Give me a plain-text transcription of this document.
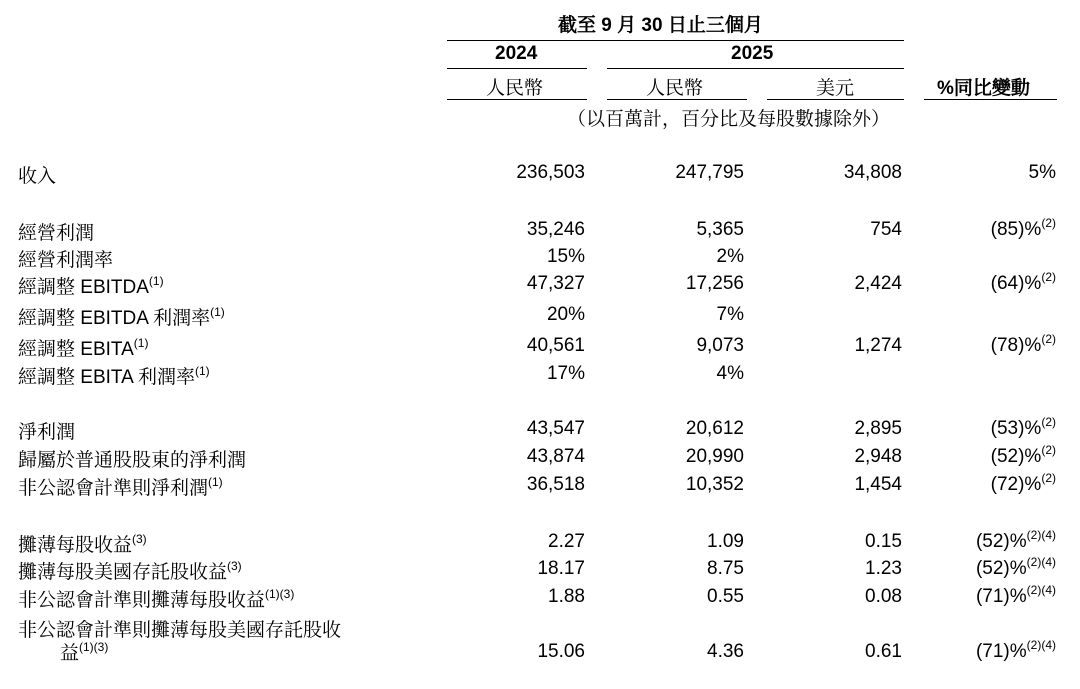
截至 9 月 30 日止三個月
2024	2025
人民幣	人民幣	美元	%同比變動
（以百萬計，百分比及每股數據除外）
收入	236,503	247,795	34,808	5%
經營利潤	35,246	5,365	754	(85)%$^{(2)}$
經營利潤率	15%	2%
經調整 EBITDA$^{(1)}$	47,327	17,256	2,424	(64)%$^{(2)}$
經調整 EBITDA 利潤率$^{(1)}$	20%	7%
經調整 EBITA$^{(1)}$	40,561	9,073	1,274	(78)%$^{(2)}$
經調整 EBITA 利潤率$^{(1)}$	17%	4%
淨利潤	43,547	20,612	2,895	(53)%$^{(2)}$
歸屬於普通股股東的淨利潤	43,874	20,990	2,948	(52)%$^{(2)}$
非公認會計準則淨利潤$^{(1)}$	36,518	10,352	1,454	(72)%$^{(2)}$
攤薄每股收益$^{(3)}$	2.27	1.09	0.15	(52)%$^{(2)(4)}$
攤薄每股美國存託股收益$^{(3)}$	18.17	8.75	1.23	(52)%$^{(2)(4)}$
非公認會計準則攤薄每股收益$^{(1)(3)}$	1.88	0.55	0.08	(71)%$^{(2)(4)}$
非公認會計準則攤薄每股美國存託股收
益$^{(1)(3)}$	15.06	4.36	0.61	(71)%$^{(2)(4)}$
